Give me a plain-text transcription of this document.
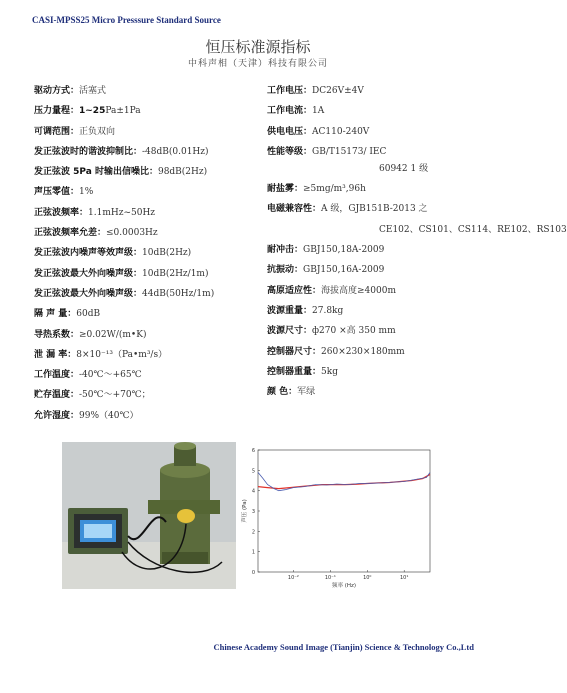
CASI-MPSS25 Micro Presssure Standard Source
恒压标准源指标
中科声相（天津）科技有限公司
驱动方式：活塞式
压力量程：1~25Pa±1Pa
可调范围：正负双向
发正弦波时的谐波抑制比：-48dB(0.01Hz)
发正弦波 5Pa 时输出信噪比：98dB(2Hz)
声压零值：1%
正弦波频率：1.1mHz~50Hz
正弦波频率允差：≤0.0003Hz
发正弦波内噪声等效声级：10dB(2Hz)
发正弦波最大外向噪声级：10dB(2Hz/1m)
发正弦波最大外向噪声级：44dB(50Hz/1m)
隔 声 量：60dB
导热系数：≥0.02W/(m•K)
泄 漏 率：8×10⁻¹³（Pa•m³/s）
工作温度：-40℃～+65℃
贮存温度：-50℃～+70℃；
允许湿度：99%（40℃）
工作电压：DC26V±4V
工作电流：1A
供电电压：AC110-240V
性能等级：GB/T15173/ IEC
60942 1 级
耐盐雾：≥5mg/m³,96h
电磁兼容性：A 级，GJB151B-2013 之
CE102、CS101、CS114、RE102、RS103
耐冲击：GBJ150,18A-2009
抗振动：GBJ150,16A-2009
高原适应性：海拔高度≥4000m
波源重量：27.8kg
波源尺寸：ф270 ×高 350 mm
控制器尺寸：260×230×180mm
控制器重量：5kg
颜 色：军绿
0
1
2
3
4
5
6
10⁻²	10⁻¹	10⁰	10¹
频率 (Hz)
声压 (Pa)
Chinese Academy Sound Image (Tianjin) Science & Technology Co.,Ltd
